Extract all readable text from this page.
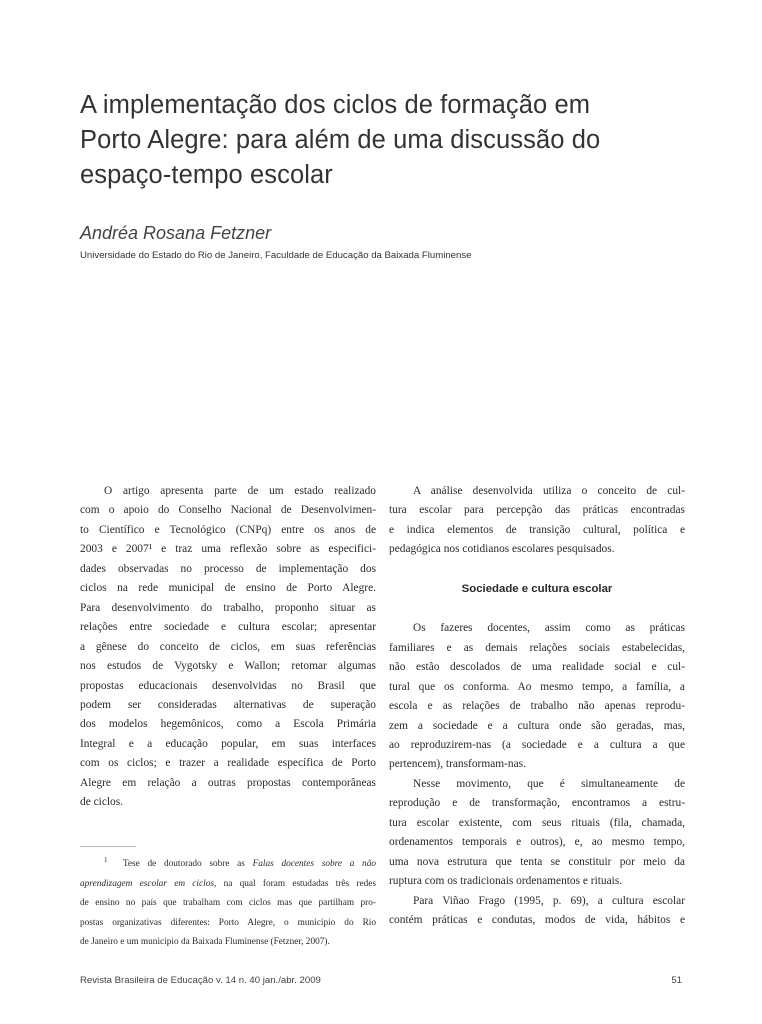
A implementação dos ciclos de formação em
Porto Alegre: para além de uma discussão do
espaço-tempo escolar
Andréa Rosana Fetzner
Universidade do Estado do Rio de Janeiro, Faculdade de Educação da Baixada Fluminense
O artigo apresenta parte de um estado realizado
com o apoio do Conselho Nacional de Desenvolvimen-
to Científico e Tecnológico (CNPq) entre os anos de
2003 e 2007¹ e traz uma reflexão sobre as especifici-
dades observadas no processo de implementação dos
ciclos na rede municipal de ensino de Porto Alegre.
Para desenvolvimento do trabalho, proponho situar as
relações entre sociedade e cultura escolar; apresentar
a gênese do conceito de ciclos, em suas referências
nos estudos de Vygotsky e Wallon; retomar algumas
propostas educacionais desenvolvidas no Brasil que
podem ser consideradas alternativas de superação
dos modelos hegemônicos, como a Escola Primária
Integral e a educação popular, em suas interfaces
com os ciclos; e trazer a realidade específica de Porto
Alegre em relação a outras propostas contemporâneas
de ciclos.
A análise desenvolvida utiliza o conceito de cul-
tura escolar para percepção das práticas encontradas
e indica elementos de transição cultural, política e
pedagógica nos cotidianos escolares pesquisados.
Sociedade e cultura escolar
Os fazeres docentes, assim como as práticas
familiares e as demais relações sociais estabelecidas,
não estão descolados de uma realidade social e cul-
tural que os conforma. Ao mesmo tempo, a família, a
escola e as relações de trabalho não apenas reprodu-
zem a sociedade e a cultura onde são geradas, mas,
ao reproduzirem-nas (a sociedade e a cultura a que
pertencem), transformam-nas.
Nesse movimento, que é simultaneamente de
reprodução e de transformação, encontramos a estru-
tura escolar existente, com seus rituais (fila, chamada,
ordenamentos temporais e outros), e, ao mesmo tempo,
uma nova estrutura que tenta se constituir por meio da
ruptura com os tradicionais ordenamentos e rituais.
Para Viñao Frago (1995, p. 69), a cultura escolar
contém práticas e condutas, modos de vida, hábitos e
$^1$ Tese de doutorado sobre as Falas docentes sobre a não
aprendizagem escolar em ciclos, na qual foram estudadas três redes
de ensino no país que trabalham com ciclos mas que partilham pro-
postas organizativas diferentes: Porto Alegre, o município do Rio
de Janeiro e um município da Baixada Fluminense (Fetzner, 2007).
Revista Brasileira de Educação v. 14 n. 40 jan./abr. 2009	51
